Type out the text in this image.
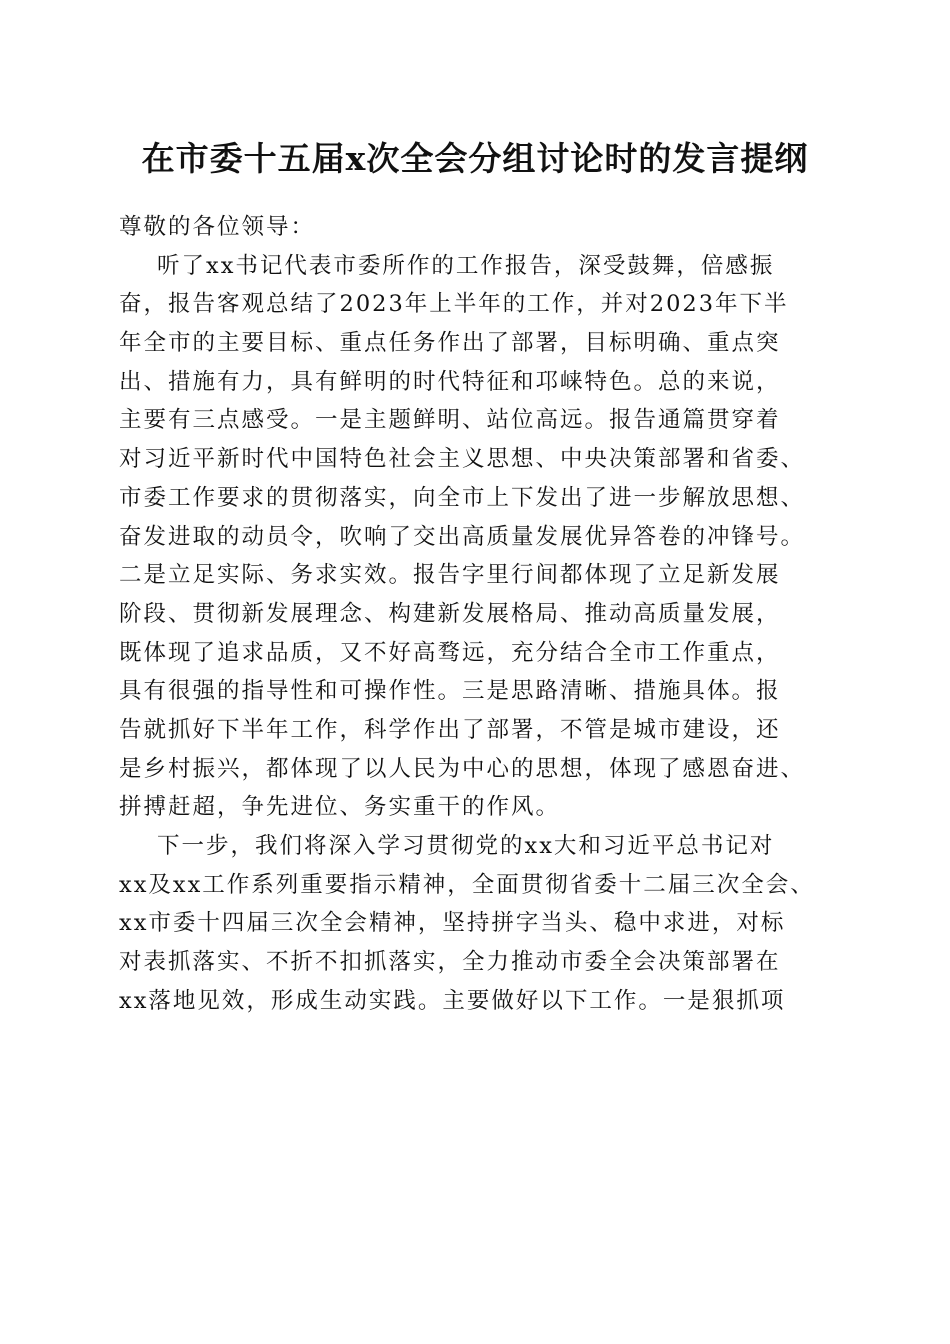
在市委十五届x次全会分组讨论时的发言提纲

尊敬的各位领导：

听了xx书记代表市委所作的工作报告，深受鼓舞，倍感振
奋，报告客观总结了2023年上半年的工作，并对2023年下半
年全市的主要目标、重点任务作出了部署，目标明确、重点突
出、措施有力，具有鲜明的时代特征和邛崃特色。总的来说，
主要有三点感受。一是主题鲜明、站位高远。报告通篇贯穿着
对习近平新时代中国特色社会主义思想、中央决策部署和省委、
市委工作要求的贯彻落实，向全市上下发出了进一步解放思想、
奋发进取的动员令，吹响了交出高质量发展优异答卷的冲锋号。
二是立足实际、务求实效。报告字里行间都体现了立足新发展
阶段、贯彻新发展理念、构建新发展格局、推动高质量发展，
既体现了追求品质，又不好高骛远，充分结合全市工作重点，
具有很强的指导性和可操作性。三是思路清晰、措施具体。报
告就抓好下半年工作，科学作出了部署，不管是城市建设，还
是乡村振兴，都体现了以人民为中心的思想，体现了感恩奋进、
拼搏赶超，争先进位、务实重干的作风。
下一步，我们将深入学习贯彻党的xx大和习近平总书记对
xx及xx工作系列重要指示精神，全面贯彻省委十二届三次全会、
xx市委十四届三次全会精神，坚持拼字当头、稳中求进，对标
对表抓落实、不折不扣抓落实，全力推动市委全会决策部署在
xx落地见效，形成生动实践。主要做好以下工作。一是狠抓项
